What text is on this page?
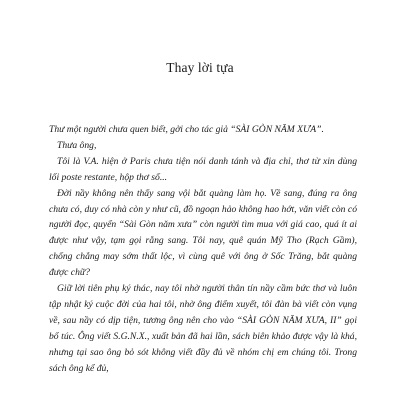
Thay lời tựa

Thư một người chưa quen biết, gởi cho tác giả “SÀI GÒN NĂM XƯA”.

Thưa ông,

Tôi là V.A. hiện ở Paris chưa tiện nói danh tánh và địa chỉ, thơ từ xin dùng lối poste restante, hộp thơ số...

Đời nầy không nên thấy sang vội bắt quàng làm họ. Về sang, đúng ra ông chưa có, duy có nhà còn y như cũ, đồ ngoạn hảo không hao hớt, văn viết còn có người đọc, quyển “Sài Gòn năm xưa” còn người tìm mua với giá cao, quá ít ai được như vậy, tạm gọi rằng sang. Tôi nay, quê quán Mỹ Tho (Rạch Gầm), chống chẳng may sớm thất lộc, vì cùng quê với ông ở Sốc Trăng, bắt quàng được chữ?

Giữ lời tiên phụ ký thác, nay tôi nhờ người thân tín nầy cầm bức thơ và luôn tập nhật ký cuộc đời của hai tôi, nhờ ông điểm xuyết, tôi đàn bà viết còn vụng về, sau nầy có dịp tiện, tương ông nên cho vào “SÀI GÒN NĂM XƯA, II” gọi bổ túc. Ông viết S.G.N.X., xuất bản đã hai lần, sách biên khảo được vậy là khá, nhưng tại sao ông bỏ sót không viết đầy đủ về nhóm chị em chúng tôi. Trong sách ông kể đủ,
